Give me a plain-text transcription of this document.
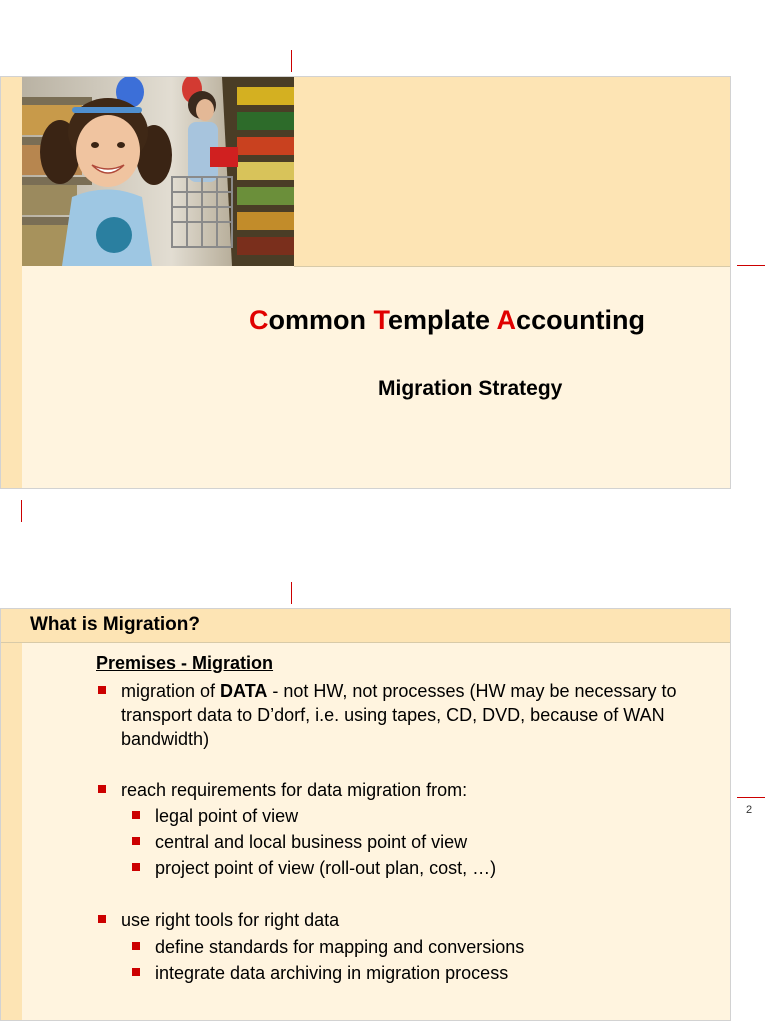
Common Template Accounting
Migration Strategy
What is Migration?
Premises - Migration
migration of DATA - not HW, not processes (HW may be necessary to transport data to D’dorf, i.e. using tapes, CD, DVD, because of WAN bandwidth)
reach requirements for data migration from:
legal point of view
central and local business point of view
project point of view (roll-out plan, cost, …)
use right tools for right data
define standards for mapping and conversions
integrate data archiving in migration process
2
